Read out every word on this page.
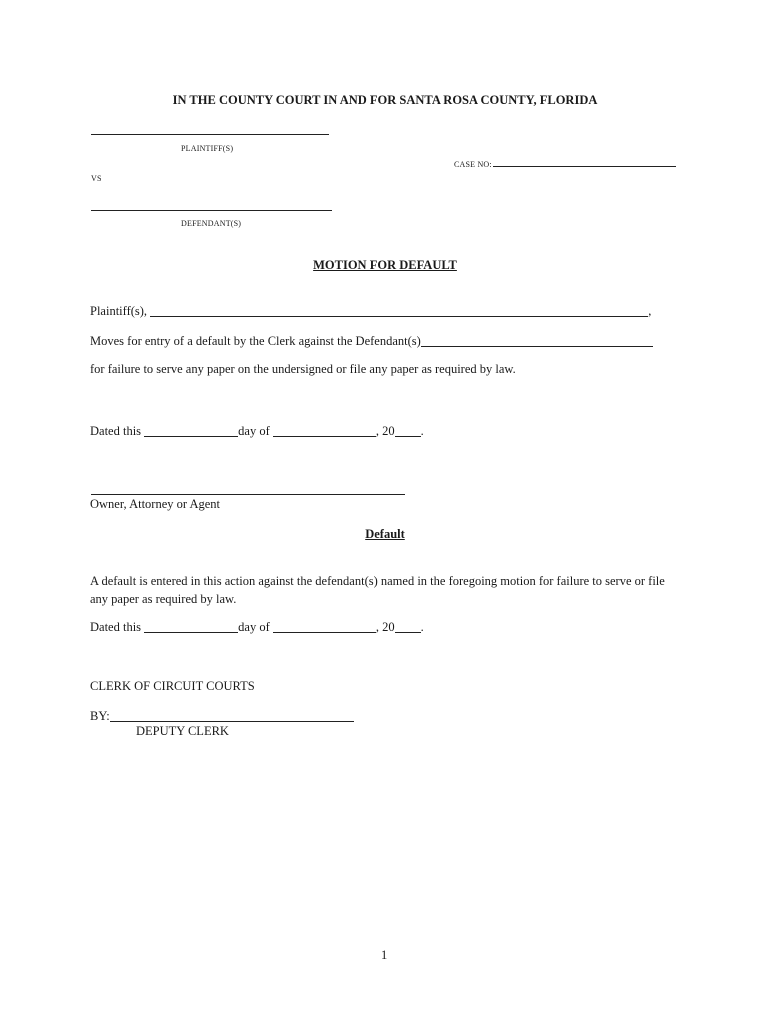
IN THE COUNTY COURT IN AND FOR SANTA ROSA COUNTY, FLORIDA
PLAINTIFF(S)
CASE NO:
VS
DEFENDANT(S)
MOTION FOR DEFAULT
Plaintiff(s),	,
Moves for entry of a default by the Clerk against the Defendant(s)
for failure to serve any paper on the undersigned or file any paper as required by law.
Dated this	day of	, 20 .
Owner, Attorney or Agent
Default
A default is entered in this action against the defendant(s) named in the foregoing motion for failure to serve or file any paper as required by law.
Dated this	day of	, 20 .
CLERK OF CIRCUIT COURTS
BY:
DEPUTY CLERK
1
